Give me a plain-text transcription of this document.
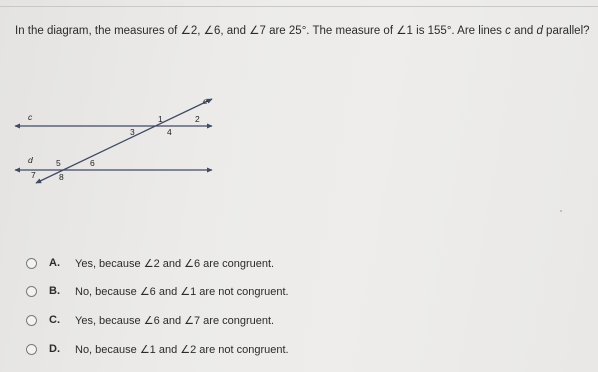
In the diagram, the measures of ∠2, ∠6, and ∠7 are 25°. The measure of ∠1 is 155°. Are lines c and d parallel?
c
d
e
1	2
3	4
5	6
7	8
A. Yes, because ∠2 and ∠6 are congruent.
B. No, because ∠6 and ∠1 are not congruent.
C. Yes, because ∠6 and ∠7 are congruent.
D. No, because ∠1 and ∠2 are not congruent.
